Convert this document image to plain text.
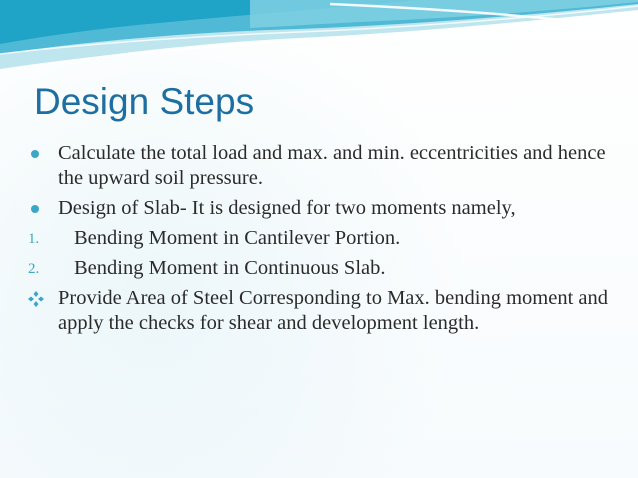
Design Steps
Calculate the total load and max. and min. eccentricities and hence the upward soil pressure.
Design of Slab- It is designed for two moments namely,
1. Bending Moment in Cantilever Portion.
2. Bending Moment in Continuous Slab.
Provide Area of Steel Corresponding to Max. bending moment and apply the checks for shear and development length.
